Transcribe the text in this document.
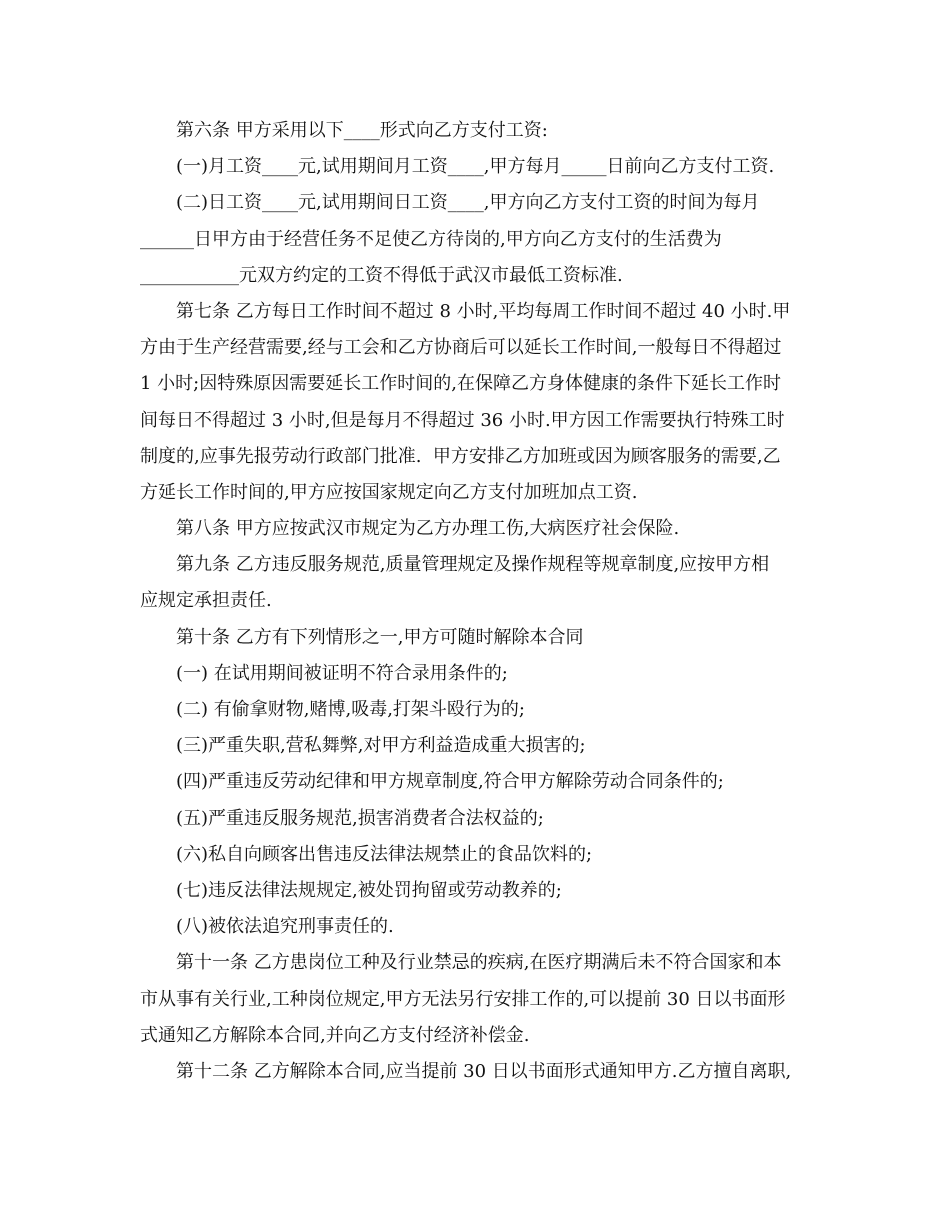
第六条 甲方采用以下____形式向乙方支付工资:
(一)月工资____元,试用期间月工资____,甲方每月_____日前向乙方支付工资.
(二)日工资____元,试用期间日工资____,甲方向乙方支付工资的时间为每月
______日甲方由于经营任务不足使乙方待岗的,甲方向乙方支付的生活费为
___________元双方约定的工资不得低于武汉市最低工资标准.
第七条 乙方每日工作时间不超过 8 小时,平均每周工作时间不超过 40 小时.甲
方由于生产经营需要,经与工会和乙方协商后可以延长工作时间,一般每日不得超过
1 小时;因特殊原因需要延长工作时间的,在保障乙方身体健康的条件下延长工作时
间每日不得超过 3 小时,但是每月不得超过 36 小时.甲方因工作需要执行特殊工时
制度的,应事先报劳动行政部门批准.  甲方安排乙方加班或因为顾客服务的需要,乙
方延长工作时间的,甲方应按国家规定向乙方支付加班加点工资.
第八条 甲方应按武汉市规定为乙方办理工伤,大病医疗社会保险.
第九条 乙方违反服务规范,质量管理规定及操作规程等规章制度,应按甲方相
应规定承担责任.
第十条 乙方有下列情形之一,甲方可随时解除本合同
(一) 在试用期间被证明不符合录用条件的;
(二) 有偷拿财物,赌博,吸毒,打架斗殴行为的;
(三)严重失职,营私舞弊,对甲方利益造成重大损害的;
(四)严重违反劳动纪律和甲方规章制度,符合甲方解除劳动合同条件的;
(五)严重违反服务规范,损害消费者合法权益的;
(六)私自向顾客出售违反法律法规禁止的食品饮料的;
(七)违反法律法规规定,被处罚拘留或劳动教养的;
(八)被依法追究刑事责任的.
第十一条 乙方患岗位工种及行业禁忌的疾病,在医疗期满后未不符合国家和本
市从事有关行业,工种岗位规定,甲方无法另行安排工作的,可以提前 30 日以书面形
式通知乙方解除本合同,并向乙方支付经济补偿金.
第十二条 乙方解除本合同,应当提前 30 日以书面形式通知甲方.乙方擅自离职,
